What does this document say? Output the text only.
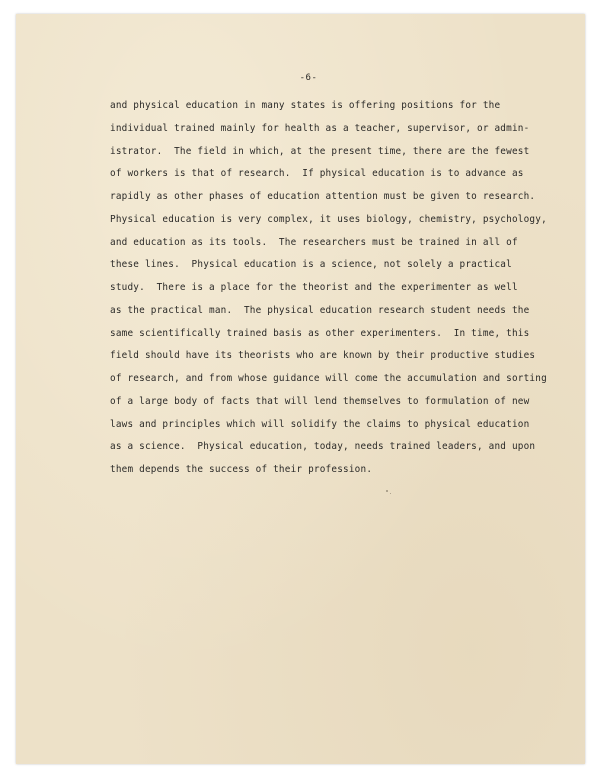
-6-
and physical education in many states is offering positions for the
individual trained mainly for health as a teacher, supervisor, or admin-
istrator.  The field in which, at the present time, there are the fewest
of workers is that of research.  If physical education is to advance as
rapidly as other phases of education attention must be given to research.
Physical education is very complex, it uses biology, chemistry, psychology,
and education as its tools.  The researchers must be trained in all of
these lines.  Physical education is a science, not solely a practical
study.  There is a place for the theorist and the experimenter as well
as the practical man.  The physical education research student needs the
same scientifically trained basis as other experimenters.  In time, this
field should have its theorists who are known by their productive studies
of research, and from whose guidance will come the accumulation and sorting
of a large body of facts that will lend themselves to formulation of new
laws and principles which will solidify the claims to physical education
as a science.  Physical education, today, needs trained leaders, and upon
them depends the success of their profession.
